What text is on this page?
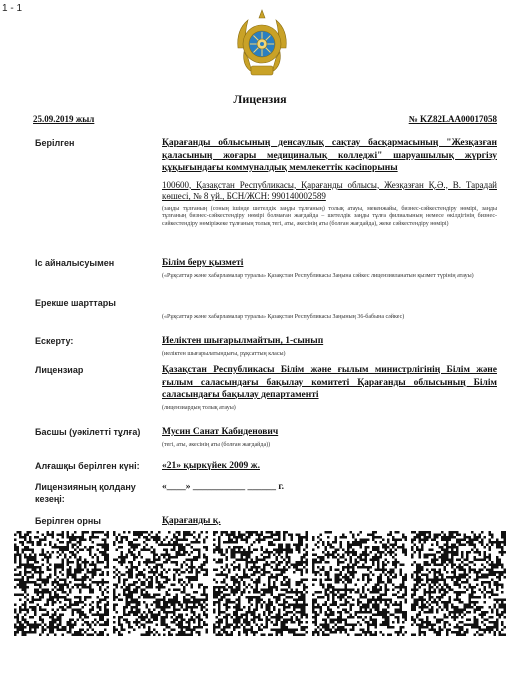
1 - 1
Лицензия
25.09.2019 жыл	№ KZ82LAA00017058
Берілген	Қарағанды облысының денсаулық сақтау басқармасының "Жезқазған қаласының жоғары медициналық колледжі" шаруашылық жүргізу құқығындағы коммуналдық мемлекеттік кәсіпорыны
100600, Қазақстан Республикасы, Қарағанды облысы, Жезқазған Қ.Ә., В. Тарадай көшесі, № 8 үй., БСН/ЖСН: 990140002589
(заңды тұлғаның (соның ішінде шетелдік заңды тұлғаның) толық атауы, мекенжайы, бизнес-сәйкестендіру нөмірі, заңды тұлғаның бизнес-сәйкестендіру нөмірі болмаған жағдайда – шетелдік заңды тұлға филиалының немесе өкілдігінің бизнес-сәйкестендіру нөміріжеке тұлғаның толық тегі, аты, әкесінің аты (болған жағдайда), жеке сәйкестендіру нөмірі)
Іс айналысуымен	Білім беру қызметі
(«Рұқсаттар және хабарламалар туралы» Қазақстан Республикасы Заңына сәйкес лицензияланатын қызмет түрінің атауы)
Ерекше шарттары
(«Рұқсаттар және хабарламалар туралы» Қазақстан Республикасы Заңының 36-бабына сәйкес)
Ескерту:	Иеліктен шығарылмайтын, 1-сынып
(иеліктен шығарылатындығы, рұқсаттың класы)
Лицензиар	Қазақстан Республикасы Білім және ғылым министрлігінің Білім және ғылым саласындағы бақылау комитеті Қарағанды облысының Білім саласындағы бақылау департаменті
(лицензиардың толық атауы)
Басшы (уәкілетті тұлға)	Мусин Санат Кабиденович
(тегі, аты, әкесінің аты (болған жағдайда))
Алғашқы берілген күні:	«21» қыркүйек 2009 ж.
Лицензияның қолдану кезеңі:
«____» ___________ ______ г.
Берілген орны	Қарағанды қ.
